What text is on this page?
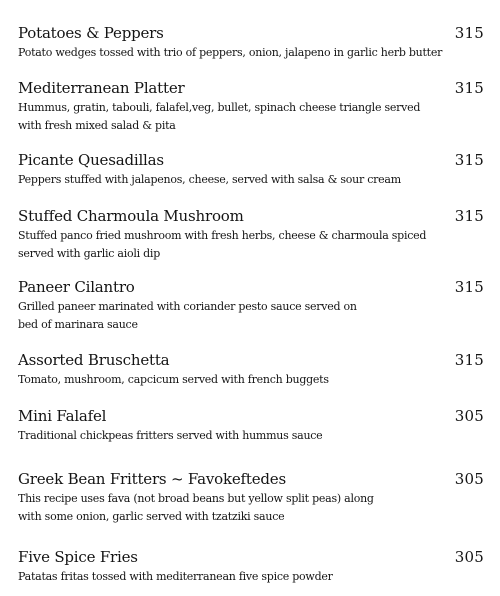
Potatoes & Peppers	315
Potato wedges tossed with trio of peppers, onion, jalapeno in garlic herb butter
Mediterranean Platter	315
Hummus, gratin, tabouli, falafel,veg, bullet, spinach cheese triangle served
with fresh mixed salad & pita
Picante Quesadillas	315
Peppers stuffed with jalapenos, cheese, served with salsa & sour cream
Stuffed Charmoula Mushroom	315
Stuffed panco fried mushroom with fresh herbs, cheese & charmoula spiced
served with garlic aioli dip
Paneer Cilantro	315
Grilled paneer marinated with coriander pesto sauce served on
bed of marinara sauce
Assorted Bruschetta	315
Tomato, mushroom, capcicum served with french buggets
Mini Falafel	305
Traditional chickpeas fritters served with hummus sauce
Greek Bean Fritters ~ Favokeftedes	305
This recipe uses fava (not broad beans but yellow split peas) along
with some onion, garlic served with tzatziki sauce
Five Spice Fries	305
Patatas fritas tossed with mediterranean five spice powder
